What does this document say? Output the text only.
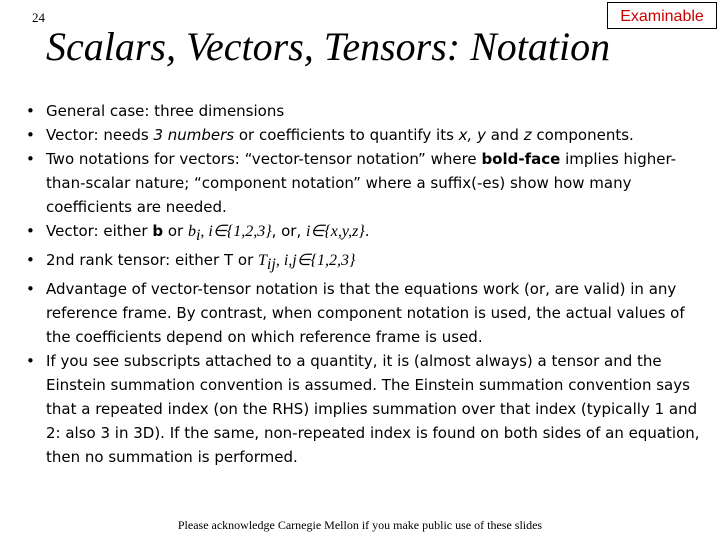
24	Examinable
Scalars, Vectors, Tensors: Notation
• General case: three dimensions
• Vector: needs 3 numbers or coefficients to quantify its x, y and z components.
• Two notations for vectors: “vector-tensor notation” where bold-face implies higher-than-scalar nature; “component notation” where a suffix(-es) show how many coefficients are needed.
• Vector: either b or $b_i$, i∈{1,2,3}, or, i∈{x,y,z}.
• 2nd rank tensor: either T or $T_{ij}$, i,j∈{1,2,3}
• Advantage of vector-tensor notation is that the equations work (or, are valid) in any reference frame. By contrast, when component notation is used, the actual values of the coefficients depend on which reference frame is used.
• If you see subscripts attached to a quantity, it is (almost always) a tensor and the Einstein summation convention is assumed. The Einstein summation convention says that a repeated index (on the RHS) implies summation over that index (typically 1 and 2: also 3 in 3D). If the same, non-repeated index is found on both sides of an equation, then no summation is performed.
Please acknowledge Carnegie Mellon if you make public use of these slides
